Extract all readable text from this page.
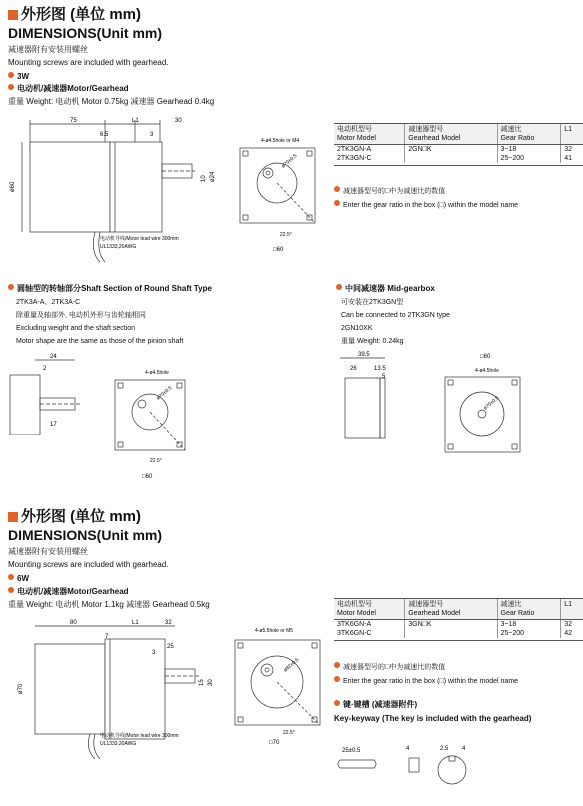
外形图 (单位 mm)
DIMENSIONS(Unit mm)
减速器附有安装用螺丝
Mounting screws are included with gearhead.
3W
电动机/减速器Motor/Gearhead
重量 Weight: 电动机 Motor 0.75kg 减速器 Gearhead 0.4kg
75	L1	30
6.5	3
ø60
10 ø24
电动机导线/Motor lead wire 300mm
UL1333,20AWG
4-ø4.5hole or M4
ø70±0.5
22.5°
□60
电动机型号
Motor Model	减速器型号
Gearhead Model	减速比
Gear Ratio	L1
2TK3GN-A	2GN□K	3~18	32
2TK3GN-C		25~200	41
减速器型号的□中为减速比的数值
Enter the gear ratio in the box (□) within the model name
圆轴型的转轴部分Shaft Section of Round Shaft Type
2TK3A-A、2TK3A-C
除重量及轴部外, 电动机外形与齿轮轴相同
Excluding weight and the shaft section
Motor shape are the same as those of the pinion shaft
24
2
17
4-ø4.5hole
ø70±0.5
22.5°
□60
中间减速器 Mid-gearbox
可安装在2TK3GN型
Can be connected to 2TK3GN type
2GN10XK
重量 Weight: 0.24kg
39.5
26	13.5
5
□60
4-ø4.5hole
ø70±0.5
外形图 (单位 mm)
DIMENSIONS(Unit mm)
减速器附有安装用螺丝
Mounting screws are included with gearhead.
6W
电动机/减速器Motor/Gearhead
重量 Weight: 电动机 Motor 1.1kg 减速器 Gearhead 0.5kg
80	L1	32
7
25
3
ø70
15 30
电动机导线/Motor lead wire 300mm
UL1333,20AWG
4-ø5.5hole or M5
ø82±0.5
22.5°
□70
电动机型号
Motor Model	减速器型号
Gearhead Model	减速比
Gear Ratio	L1
3TK6GN-A	3GN□K	3~18	32
3TK6GN-C		25~200	42
减速器型号的□中为减速比的数值
Enter the gear ratio in the box (□) within the model name
键·键槽 (减速器附件)
Key-keyway (The key is included with the gearhead)
25±0.5	4	2.5 4
